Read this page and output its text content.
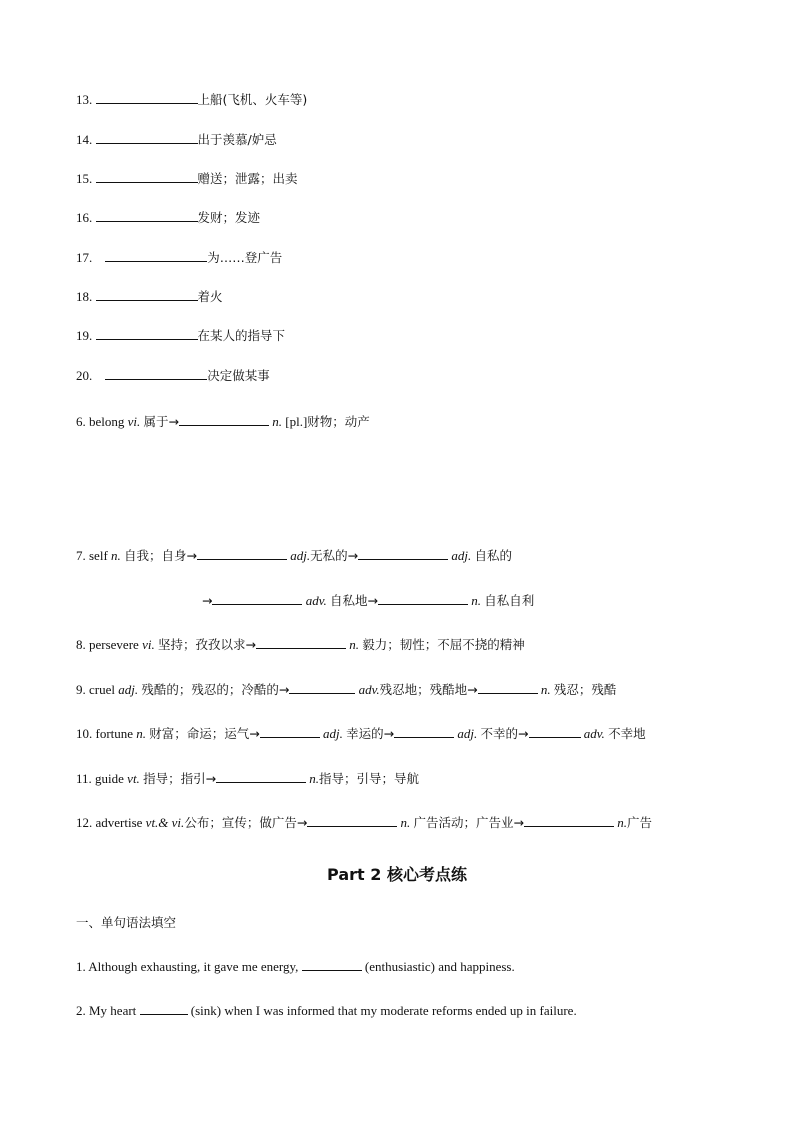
13.	上船(飞机、火车等)
14.	出于羡慕/妒忌
15.	赠送；泄露；出卖
16.	发财；发迹
17.	为……登广告
18.	着火
19.	在某人的指导下
20.	决定做某事
6. belong vi. 属于→	n. [pl.]财物；动产
7. self n. 自我；自身→	adj.无私的→	adj. 自私的
→	adv. 自私地→	n. 自私自利
8. persevere vi. 坚持；孜孜以求→	n. 毅力；韧性；不屈不挠的精神
9. cruel adj. 残酷的；残忍的；冷酷的→	adv.残忍地；残酷地→	n. 残忍；残酷
10. fortune n. 财富；命运；运气→	adj. 幸运的→	adj. 不幸的→	adv. 不幸地
11. guide vt. 指导；指引→	n.指导；引导；导航
12. advertise vt.& vi.公布；宣传；做广告→	n. 广告活动；广告业→	n.广告
Part 2 核心考点练
一、单句语法填空
1. Although exhausting, it gave me energy,	(enthusiastic) and happiness.
2. My heart	(sink) when I was informed that my moderate reforms ended up in failure.
